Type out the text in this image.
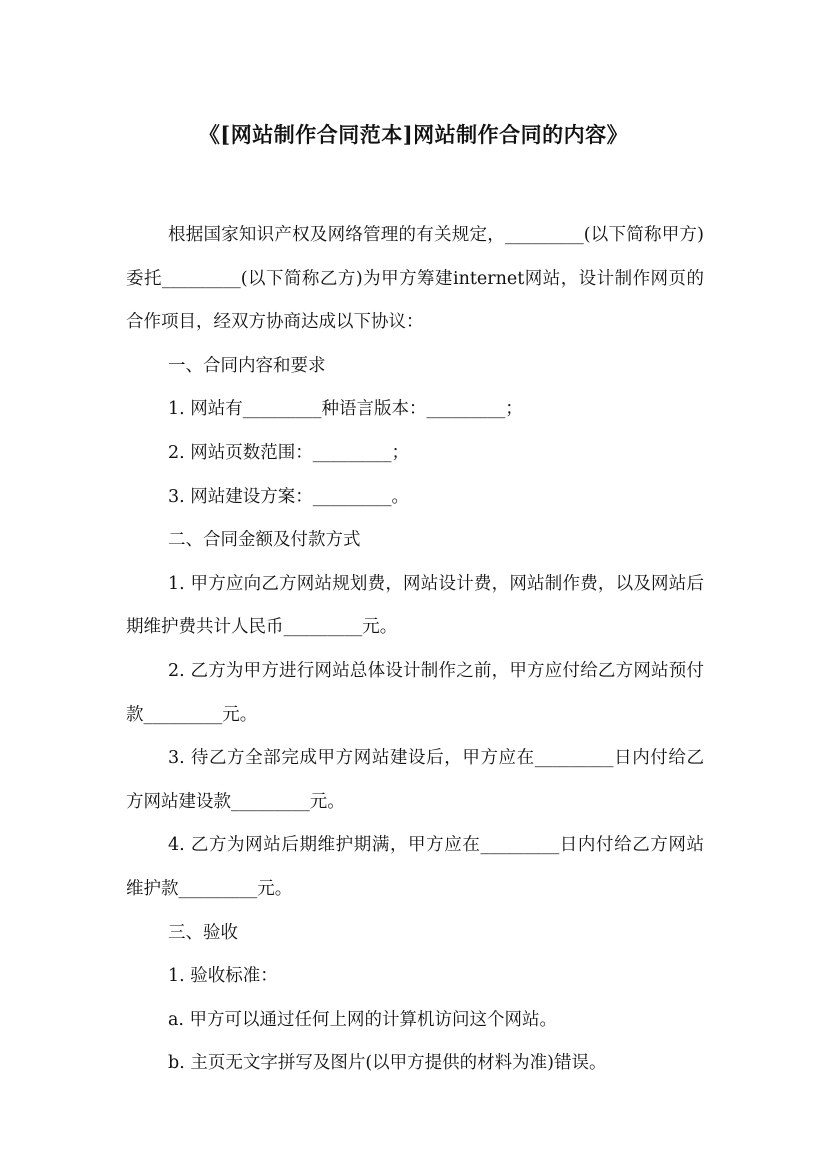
《[网站制作合同范本]网站制作合同的内容》

根据国家知识产权及网络管理的有关规定，_________(以下简称甲方)委托_________(以下简称乙方)为甲方筹建internet网站，设计制作网页的合作项目，经双方协商达成以下协议：

一、合同内容和要求

1. 网站有_________种语言版本：_________；

2. 网站页数范围：_________；

3. 网站建设方案：_________。

二、合同金额及付款方式

1. 甲方应向乙方网站规划费，网站设计费，网站制作费，以及网站后期维护费共计人民币_________元。

2. 乙方为甲方进行网站总体设计制作之前，甲方应付给乙方网站预付款_________元。

3. 待乙方全部完成甲方网站建设后，甲方应在_________日内付给乙方网站建设款_________元。

4. 乙方为网站后期维护期满，甲方应在_________日内付给乙方网站维护款_________元。

三、验收

1. 验收标准：

a. 甲方可以通过任何上网的计算机访问这个网站。

b. 主页无文字拼写及图片(以甲方提供的材料为准)错误。
